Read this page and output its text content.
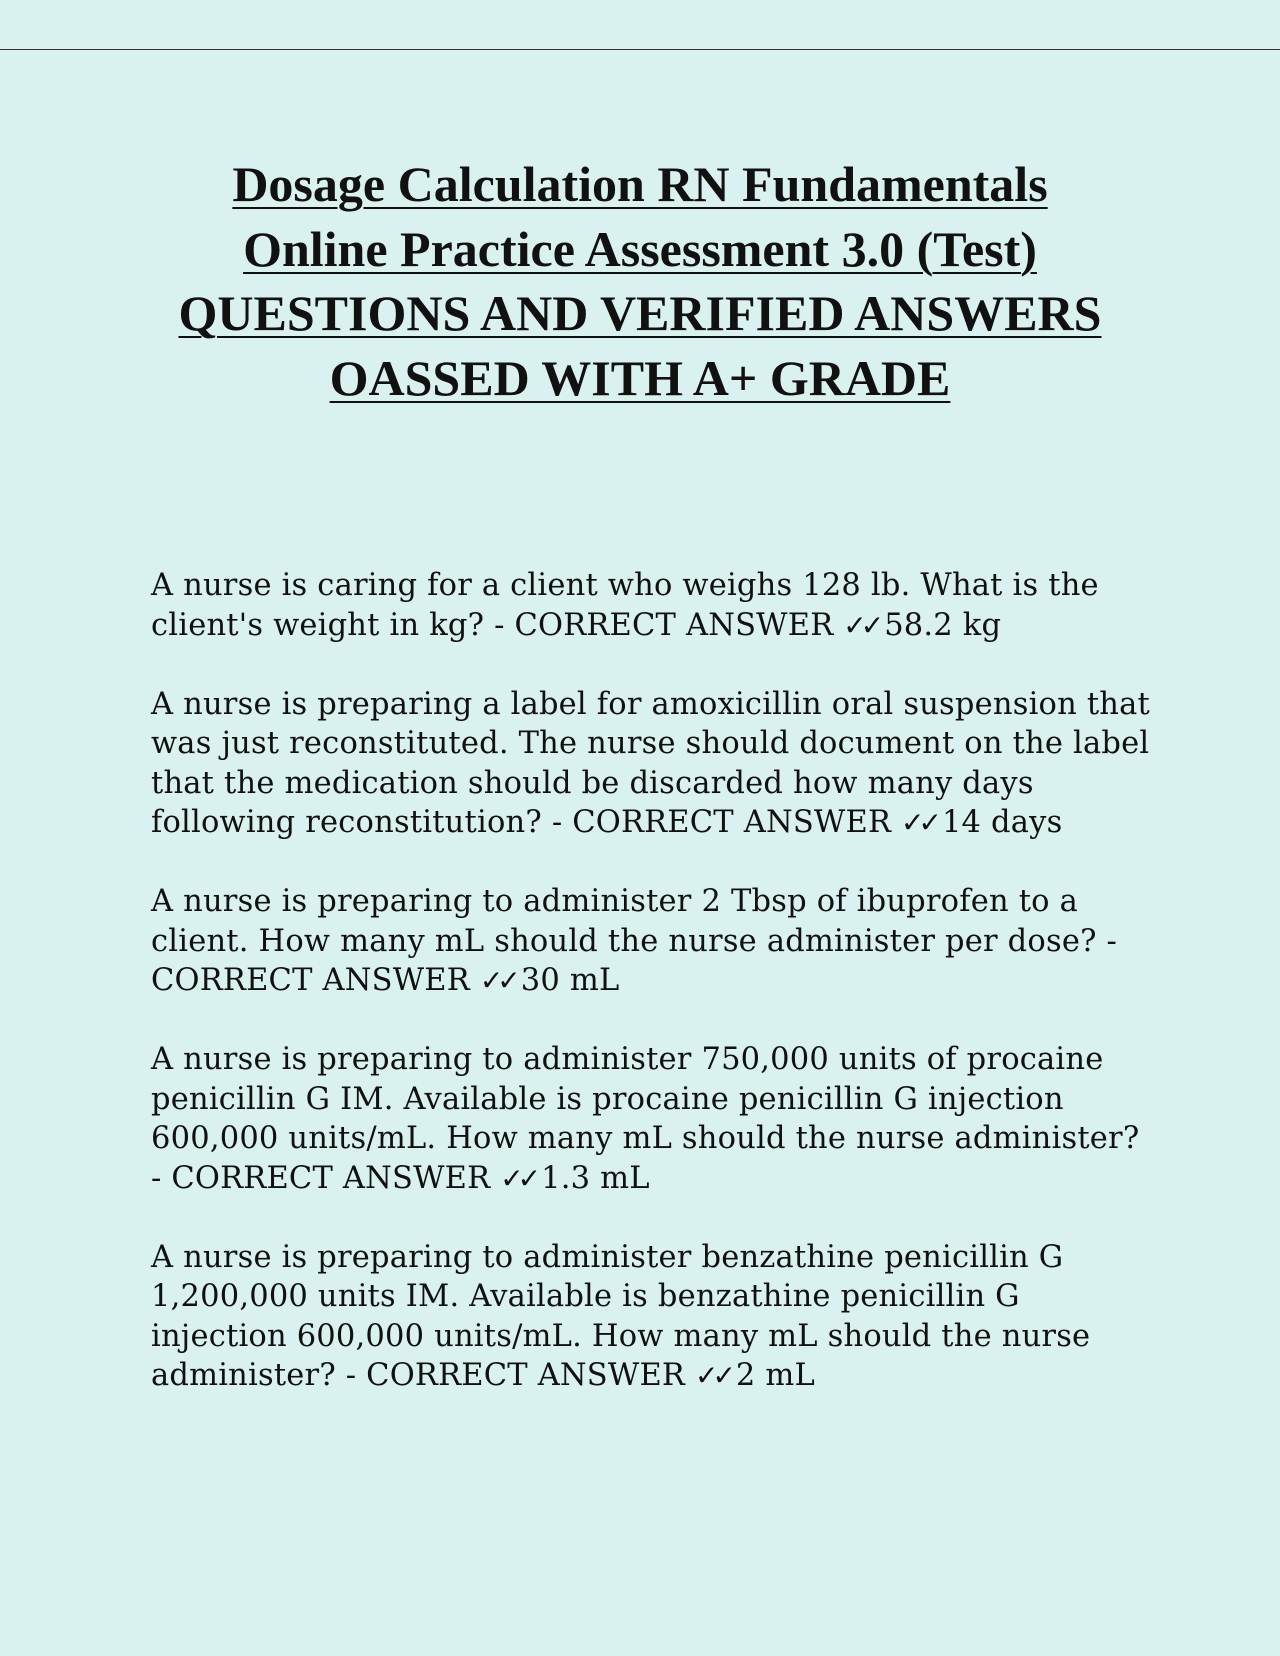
Dosage Calculation RN Fundamentals
Online Practice Assessment 3.0 (Test)
QUESTIONS AND VERIFIED ANSWERS
OASSED WITH A+ GRADE

A nurse is caring for a client who weighs 128 lb. What is the client's weight in kg? - CORRECT ANSWER ✓✓ 58.2 kg

A nurse is preparing a label for amoxicillin oral suspension that was just reconstituted. The nurse should document on the label that the medication should be discarded how many days following reconstitution? - CORRECT ANSWER ✓✓ 14 days

A nurse is preparing to administer 2 Tbsp of ibuprofen to a client. How many mL should the nurse administer per dose? - CORRECT ANSWER ✓✓ 30 mL

A nurse is preparing to administer 750,000 units of procaine penicillin G IM. Available is procaine penicillin G injection 600,000 units/mL. How many mL should the nurse administer? - CORRECT ANSWER ✓✓ 1.3 mL

A nurse is preparing to administer benzathine penicillin G 1,200,000 units IM. Available is benzathine penicillin G injection 600,000 units/mL. How many mL should the nurse administer? - CORRECT ANSWER ✓✓ 2 mL
